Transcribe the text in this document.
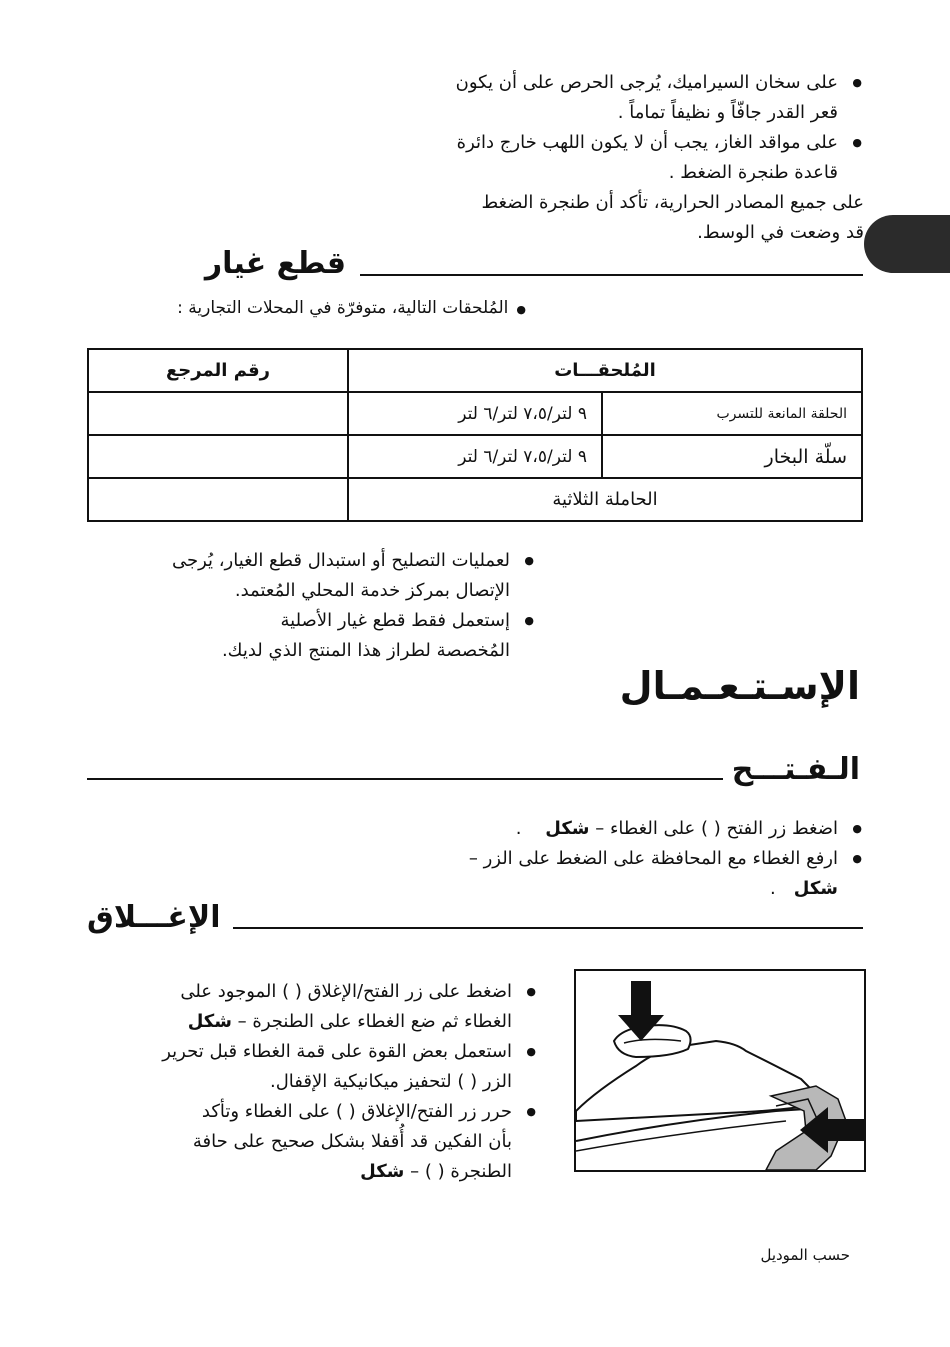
● على سخان السيراميك، يُرجى الحرص على أن يكون
قعر القدر جافّاً و نظيفاً تماماً .
● على مواقد الغاز، يجب أن لا يكون اللهب خارج دائرة
قاعدة طنجرة الضغط .
على جميع المصادر الحرارية، تأكد أن طنجرة الضغط
قد وضعت في الوسط.
قطع غيار
●المُلحقات التالية، متوفرّة في المحلات التجارية :
المُلحقـــات		رقم المرجع
الحلقة المانعة للتسرب	٩ لتر/٧،٥ لتر/٦ لتر	
سلّة البخار	٩ لتر/٧،٥ لتر/٦ لتر	
الحاملة الثلاثية		
● لعمليات التصليح أو استبدال قطع الغيار، يُرجى
الإتصال بمركز خدمة المحلي المُعتمد.
● إستعمل فقط قطع غيار الأصلية
المُخصصة لطراز هذا المنتج الذي لديك.
الإسـتـعـمـال
الـفـتـــح
● اضغط زر الفتح ( ) على الغطاء – شكل .
● ارفع الغطاء مع المحافظة على الضغط على الزر –
شكل.
الإغـــلاق
● اضغط على زر الفتح/الإغلاق ( ) الموجود على
الغطاء ثم ضع الغطاء على الطنجرة – شكل
● استعمل بعض القوة على قمة الغطاء قبل تحرير
الزر ( ) لتحفيز ميكانيكية الإقفال.
● حرر زر الفتح/الإغلاق ( ) على الغطاء وتأكد
بأن الفكين قد أُقفلا بشكل صحيح على حافة
الطنجرة ( ) – شكل
حسب الموديل
